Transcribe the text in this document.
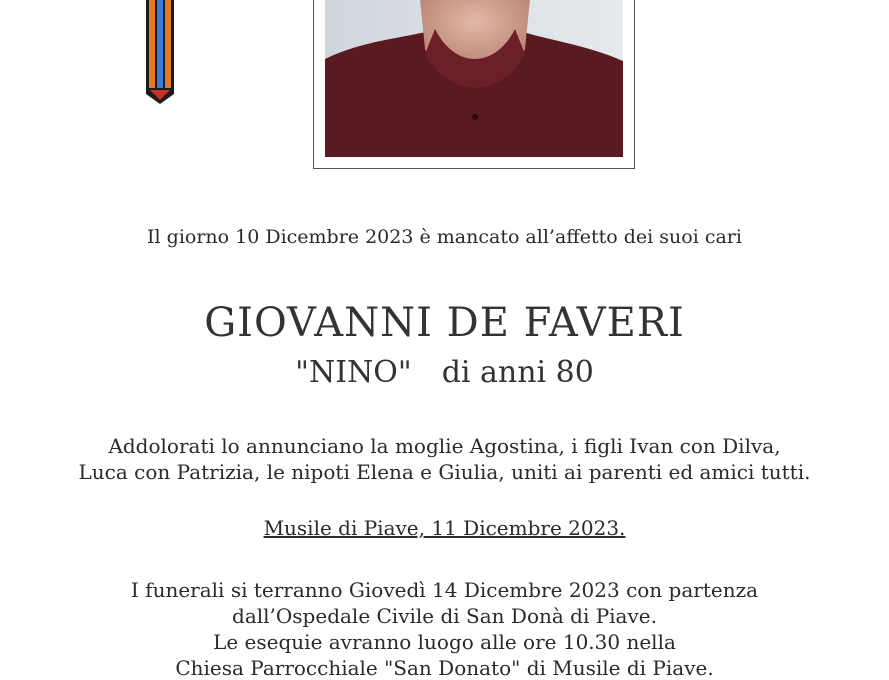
Il giorno 10 Dicembre 2023 è mancato all’affetto dei suoi cari
GIOVANNI DE FAVERI
"NINO" di anni 80
Addolorati lo annunciano la moglie Agostina, i figli Ivan con Dilva,
Luca con Patrizia, le nipoti Elena e Giulia, uniti ai parenti ed amici tutti.
Musile di Piave, 11 Dicembre 2023.
I funerali si terranno Giovedì 14 Dicembre 2023 con partenza
dall’Ospedale Civile di San Donà di Piave.
Le esequie avranno luogo alle ore 10.30 nella
Chiesa Parrocchiale "San Donato" di Musile di Piave.
